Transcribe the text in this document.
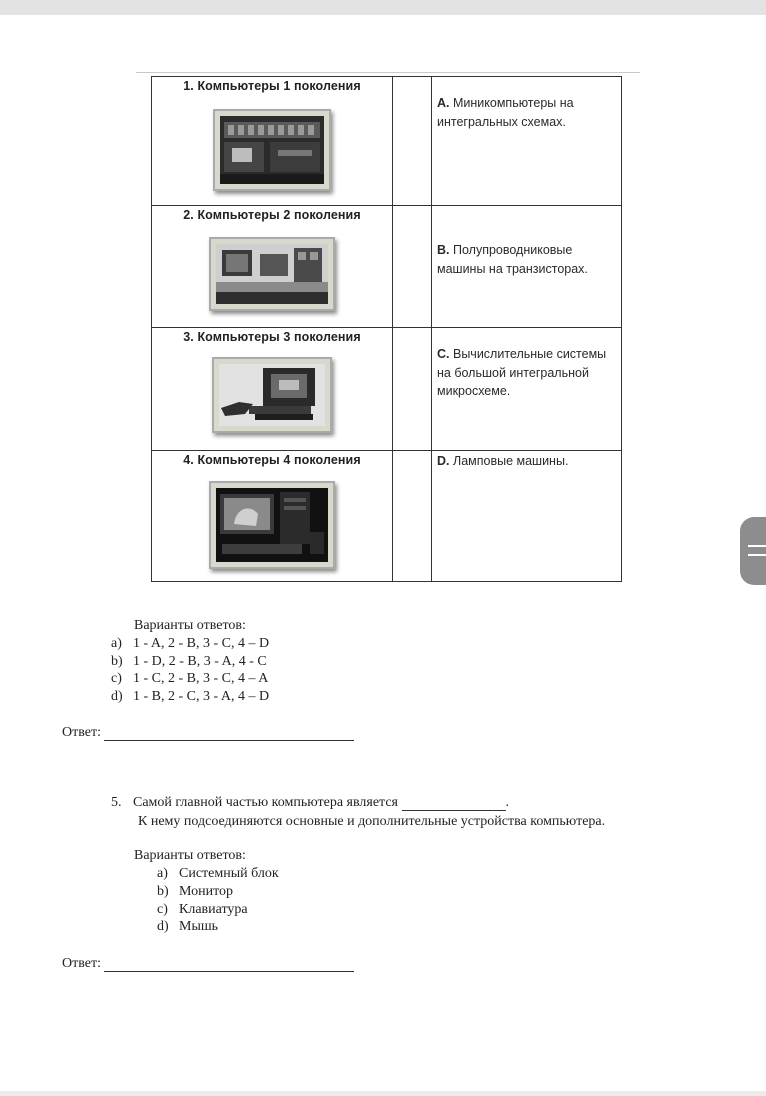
1. Компьютеры 1 поколения		A. Миникомпьютеры на интегральных схемах.

2. Компьютеры 2 поколения		B. Полупроводниковые машины на транзисторах.

3. Компьютеры 3 поколения		C. Вычислительные системы на большой интегральной микросхеме.

4. Компьютеры 4 поколения		D. Ламповые машины.
Варианты ответов:
a) 1 - A, 2 - B, 3 - C, 4 – D
b) 1 - D, 2 - B, 3 - A, 4 - C
c) 1 - C, 2 - B, 3 - C, 4 – A
d) 1 - B, 2 - C, 3 - A, 4 – D
Ответ:
5. Самой главной частью компьютера является	.
К нему подсоединяются основные и дополнительные устройства компьютера.
Варианты ответов:
a) Системный блок
b) Монитор
c) Клавиатура
d) Мышь
Ответ:
